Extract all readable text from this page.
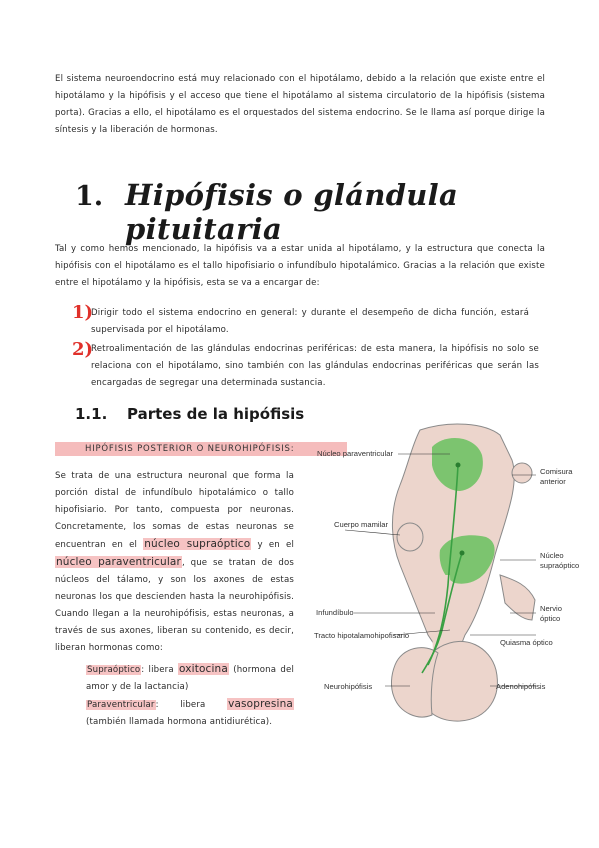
El sistema neuroendocrino está muy relacionado con el hipotálamo, debido a la relación que existe entre el hipotálamo y la hipófisis y el acceso que tiene el hipotálamo al sistema circulatorio de la hipófisis (sistema porta). Gracias a ello, el hipotálamo es el orquestados del sistema endocrino. Se le llama así porque dirige la síntesis y la liberación de hormonas.
1. Hipófisis o glándula pituitaria
Tal y como hemos mencionado, la hipófisis va a estar unida al hipotálamo, y la estructura que conecta la hipófisis con el hipotálamo es el tallo hipofisiario o infundíbulo hipotalámico. Gracias a la relación que existe entre el hipotálamo y la hipófisis, esta se va a encargar de:
1)
Dirigir todo el sistema endocrino en general: y durante el desempeño de dicha función, estará supervisada por el hipotálamo.
2)
Retroalimentación de las glándulas endocrinas periféricas: de esta manera, la hipófisis no solo se relaciona con el hipotálamo, sino también con las glándulas endocrinas periféricas que serán las encargadas de segregar una determinada sustancia.
1.1. Partes de la hipófisis
HIPÓFISIS POSTERIOR O NEUROHIPÓFISIS:
Se trata de una estructura neuronal que forma la porción distal de infundíbulo hipotalámico o tallo hipofisiario. Por tanto, compuesta por neuronas. Concretamente, los somas de estas neuronas se encuentran en el núcleo supraóptico y en el núcleo paraventricular, que se tratan de dos núcleos del tálamo, y son los axones de estas neuronas los que descienden hasta la neurohipófisis. Cuando llegan a la neurohipófisis, estas neuronas, a través de sus axones, liberan su contenido, es decir, liberan hormonas como:
Supraóptico: libera oxitocina (hormona del amor y de la lactancia)
Paraventricular: libera vasopresina (también llamada hormona antidiurética).
Núcleo paraventricular
Comisura
anterior
Cuerpo mamilar
Núcleo
supraóptico
Infundíbulo	Nervio
óptico
Tracto hipotalamohipofisario
Quiasma óptico
Neurohipófisis	Adenohipófisis
